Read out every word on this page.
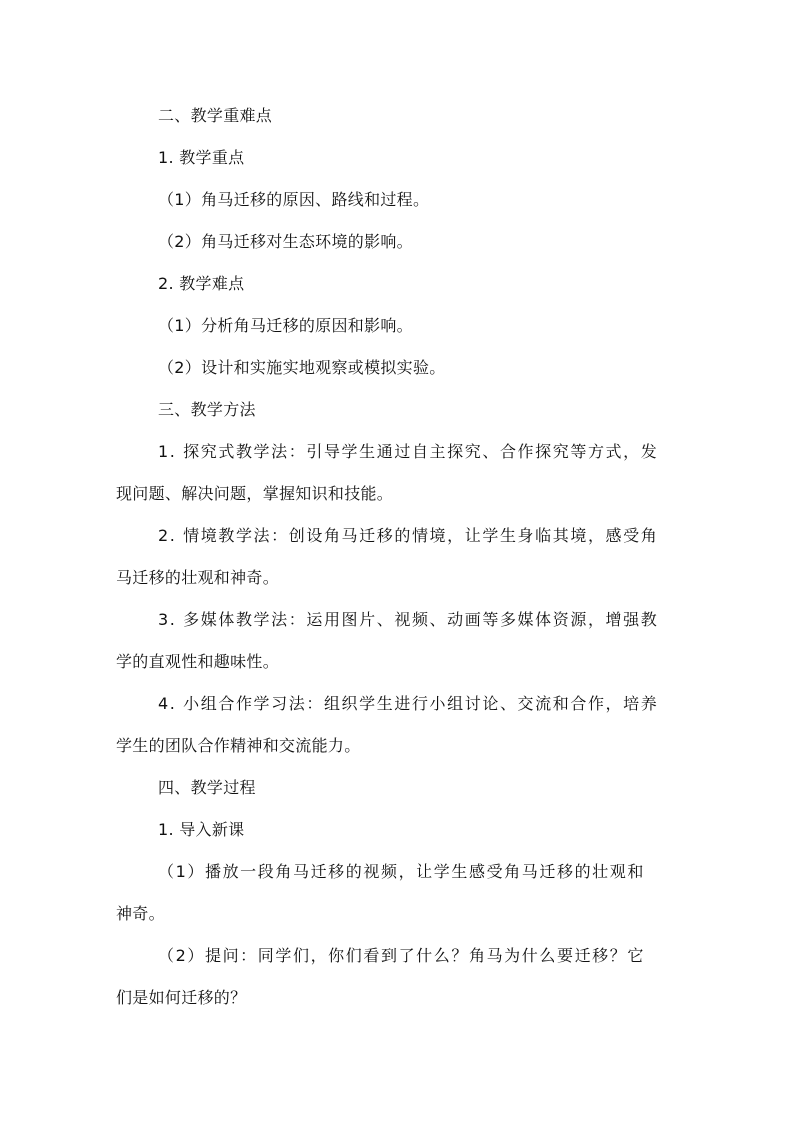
二、教学重难点
1. 教学重点
（1）角马迁移的原因、路线和过程。
（2）角马迁移对生态环境的影响。
2. 教学难点
（1）分析角马迁移的原因和影响。
（2）设计和实施实地观察或模拟实验。
三、教学方法
1. 探究式教学法：引导学生通过自主探究、合作探究等方式，发
现问题、解决问题，掌握知识和技能。
2. 情境教学法：创设角马迁移的情境，让学生身临其境，感受角
马迁移的壮观和神奇。
3. 多媒体教学法：运用图片、视频、动画等多媒体资源，增强教
学的直观性和趣味性。
4. 小组合作学习法：组织学生进行小组讨论、交流和合作，培养
学生的团队合作精神和交流能力。
四、教学过程
1. 导入新课
（1）播放一段角马迁移的视频，让学生感受角马迁移的壮观和
神奇。
（2）提问：同学们，你们看到了什么？角马为什么要迁移？它
们是如何迁移的？
